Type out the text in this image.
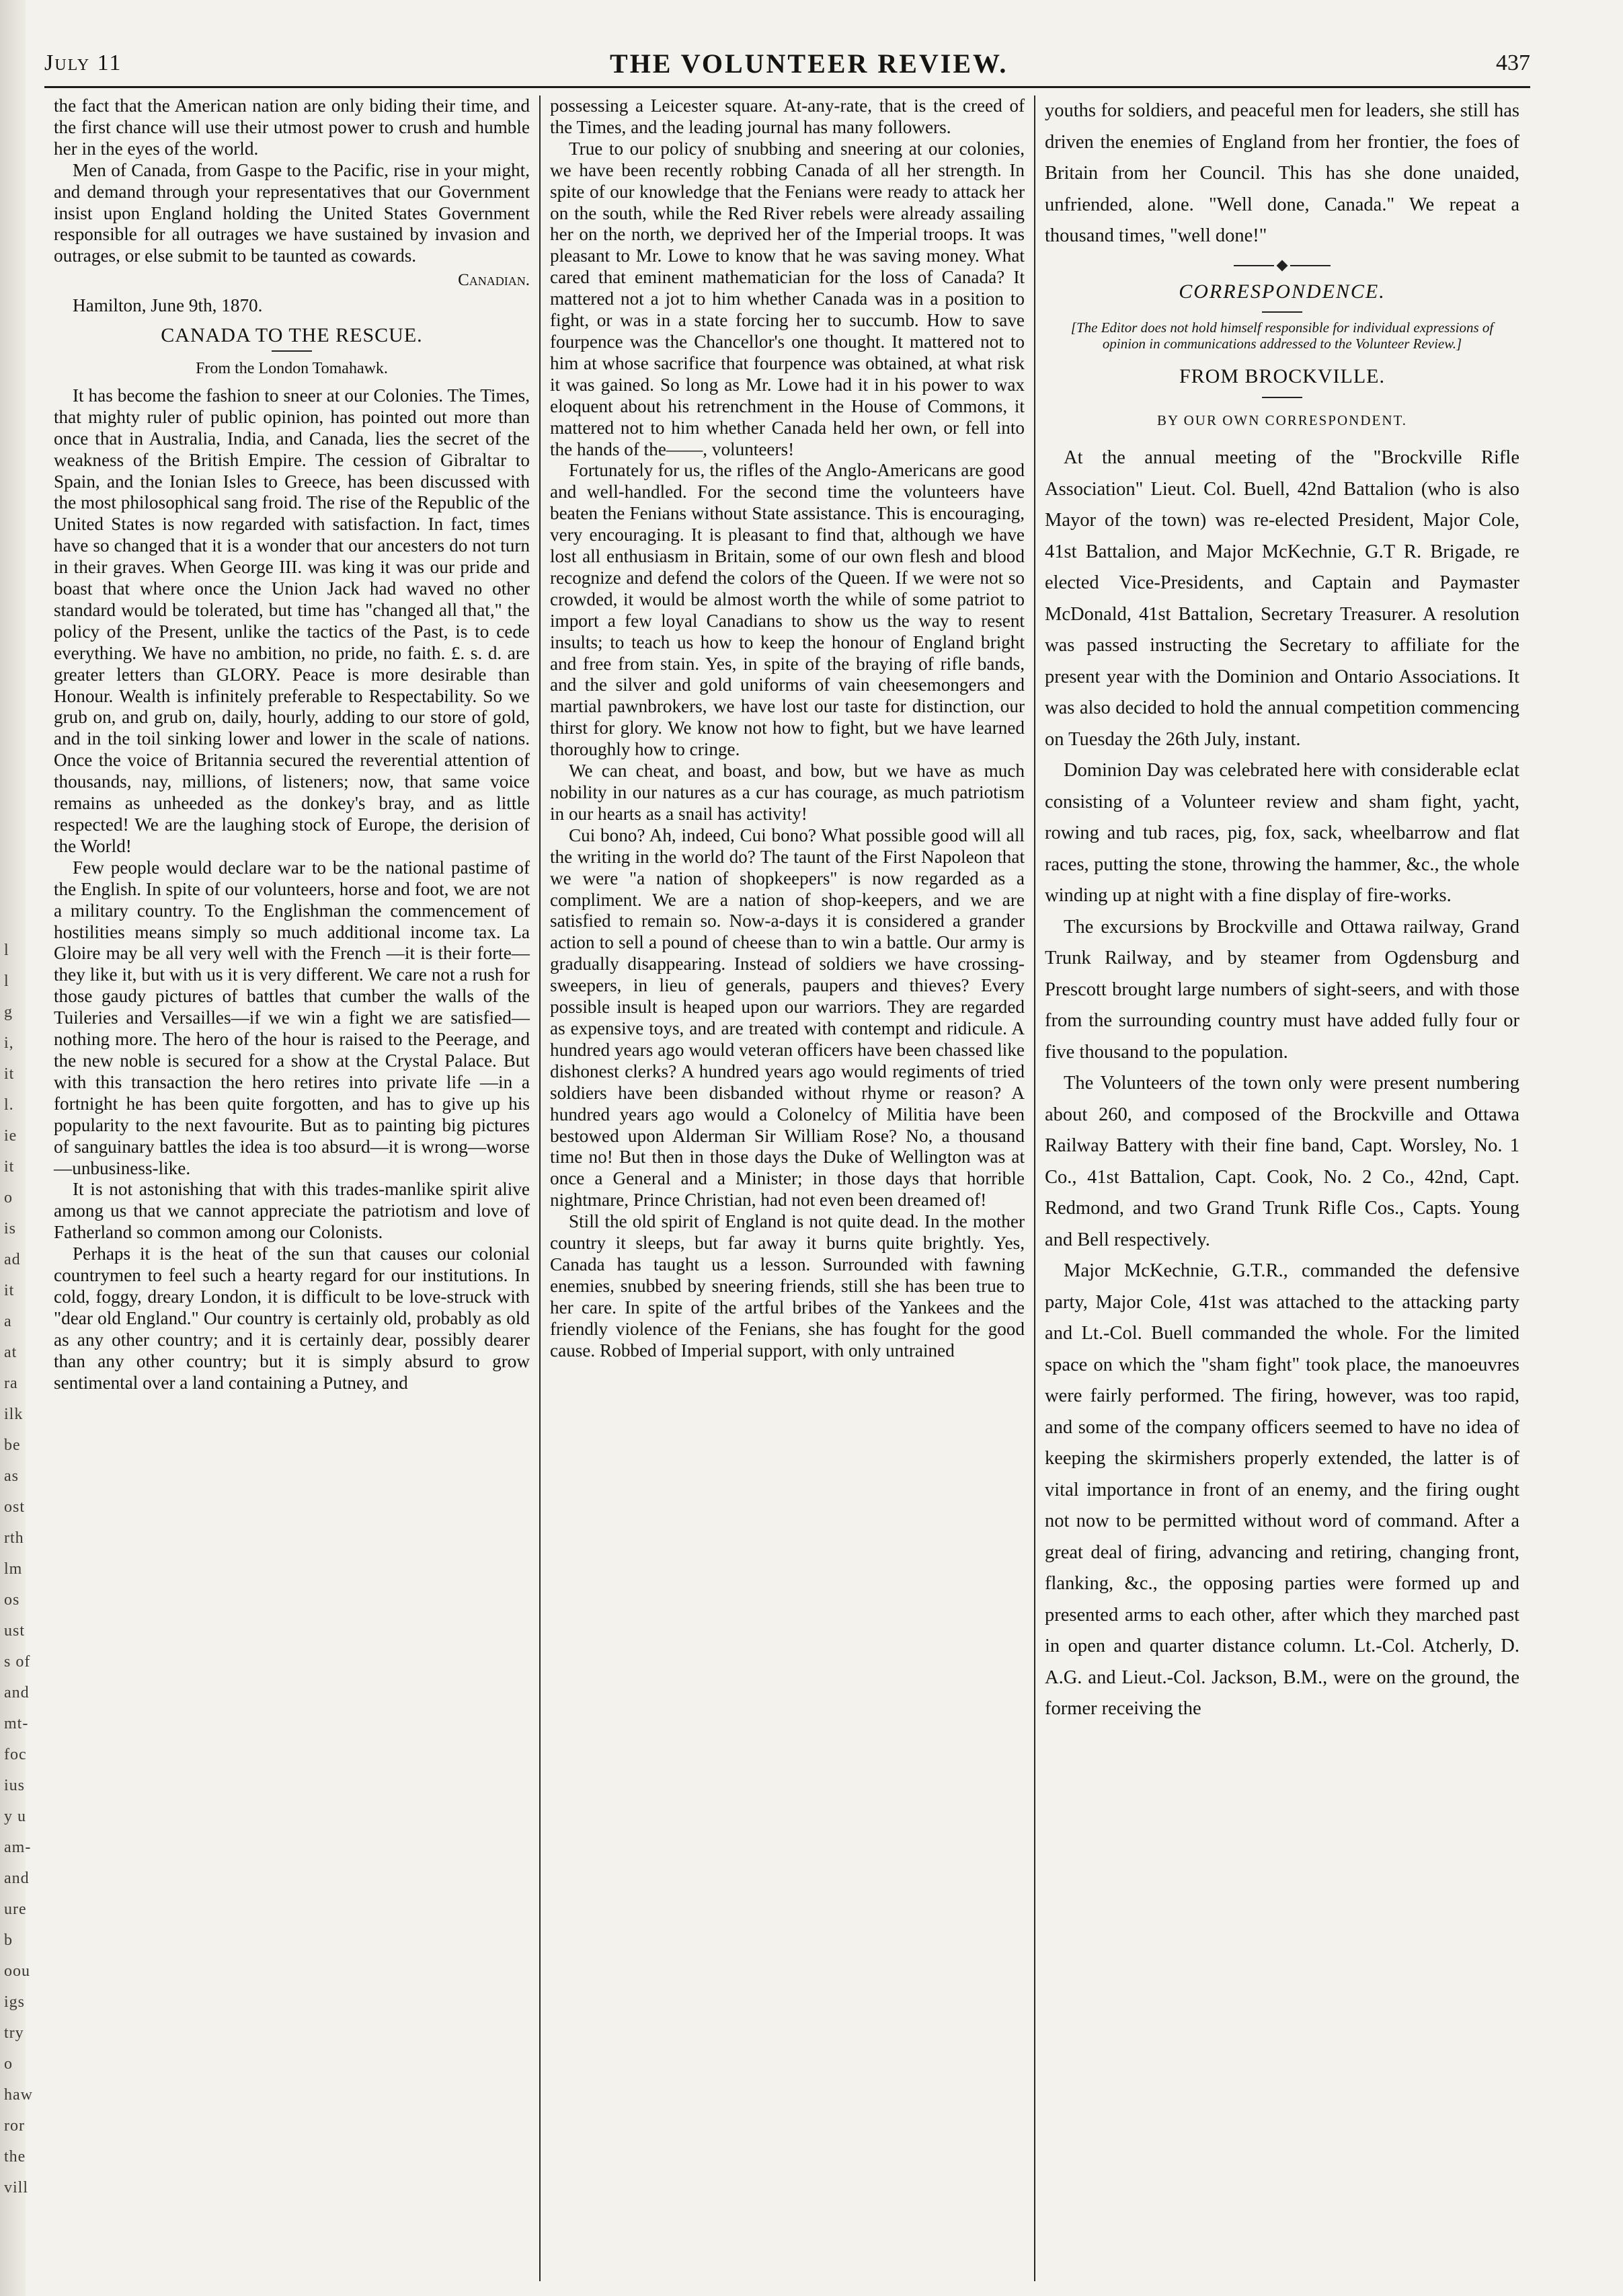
l
l
g
i,
it
l.
ie
it
o
is
ad
it
a
at
ra
ilk
be
as
ost
rth
lm
os
ust
s of
and
mt-
foc
ius
y u
am-
and
ure
b
oou
igs
try
o
haw
ror
the
vill
July 11	THE VOLUNTEER REVIEW.	437

the fact that the American nation are only biding their time, and the first chance will use their utmost power to crush and humble her in the eyes of the world.

Men of Canada, from Gaspe to the Pacific, rise in your might, and demand through your representatives that our Government insist upon England holding the United States Government responsible for all outrages we have sustained by invasion and outrages, or else submit to be taunted as cowards.

Canadian.
Hamilton, June 9th, 1870.
CANADA TO THE RESCUE.
From the London Tomahawk.

It has become the fashion to sneer at our Colonies. The Times, that mighty ruler of public opinion, has pointed out more than once that in Australia, India, and Canada, lies the secret of the weakness of the British Empire. The cession of Gibraltar to Spain, and the Ionian Isles to Greece, has been discussed with the most philosophical sang froid. The rise of the Republic of the United States is now regarded with satisfaction. In fact, times have so changed that it is a wonder that our ancesters do not turn in their graves. When George III. was king it was our pride and boast that where once the Union Jack had waved no other standard would be tolerated, but time has "changed all that," the policy of the Present, unlike the tactics of the Past, is to cede everything. We have no ambition, no pride, no faith. £. s. d. are greater letters than GLORY. Peace is more desirable than Honour. Wealth is infinitely preferable to Respectability. So we grub on, and grub on, daily, hourly, adding to our store of gold, and in the toil sinking lower and lower in the scale of nations. Once the voice of Britannia secured the reverential attention of thousands, nay, millions, of listeners; now, that same voice remains as unheeded as the donkey's bray, and as little respected! We are the laughing stock of Europe, the derision of the World!

Few people would declare war to be the national pastime of the English. In spite of our volunteers, horse and foot, we are not a military country. To the Englishman the commencement of hostilities means simply so much additional income tax. La Gloire may be all very well with the French —it is their forte—they like it, but with us it is very different. We care not a rush for those gaudy pictures of battles that cumber the walls of the Tuileries and Versailles—if we win a fight we are satisfied—nothing more. The hero of the hour is raised to the Peerage, and the new noble is secured for a show at the Crystal Palace. But with this transaction the hero retires into private life —in a fortnight he has been quite forgotten, and has to give up his popularity to the next favourite. But as to painting big pictures of sanguinary battles the idea is too absurd—it is wrong—worse—unbusiness-like.

It is not astonishing that with this trades-manlike spirit alive among us that we cannot appreciate the patriotism and love of Fatherland so common among our Colonists.

Perhaps it is the heat of the sun that causes our colonial countrymen to feel such a hearty regard for our institutions. In cold, foggy, dreary London, it is difficult to be love-struck with "dear old England." Our country is certainly old, probably as old as any other country; and it is certainly dear, possibly dearer than any other country; but it is simply absurd to grow sentimental over a land containing a Putney, and

possessing a Leicester square. At-any-rate, that is the creed of the Times, and the leading journal has many followers.

True to our policy of snubbing and sneering at our colonies, we have been recently robbing Canada of all her strength. In spite of our knowledge that the Fenians were ready to attack her on the south, while the Red River rebels were already assailing her on the north, we deprived her of the Imperial troops. It was pleasant to Mr. Lowe to know that he was saving money. What cared that eminent mathematician for the loss of Canada? It mattered not a jot to him whether Canada was in a position to fight, or was in a state forcing her to succumb. How to save fourpence was the Chancellor's one thought. It mattered not to him at whose sacrifice that fourpence was obtained, at what risk it was gained. So long as Mr. Lowe had it in his power to wax eloquent about his retrenchment in the House of Commons, it mattered not to him whether Canada held her own, or fell into the hands of the——, volunteers!

Fortunately for us, the rifles of the Anglo-Americans are good and well-handled. For the second time the volunteers have beaten the Fenians without State assistance. This is encouraging, very encouraging. It is pleasant to find that, although we have lost all enthusiasm in Britain, some of our own flesh and blood recognize and defend the colors of the Queen. If we were not so crowded, it would be almost worth the while of some patriot to import a few loyal Canadians to show us the way to resent insults; to teach us how to keep the honour of England bright and free from stain. Yes, in spite of the braying of rifle bands, and the silver and gold uniforms of vain cheesemongers and martial pawnbrokers, we have lost our taste for distinction, our thirst for glory. We know not how to fight, but we have learned thoroughly how to cringe.

We can cheat, and boast, and bow, but we have as much nobility in our natures as a cur has courage, as much patriotism in our hearts as a snail has activity!

Cui bono? Ah, indeed, Cui bono? What possible good will all the writing in the world do? The taunt of the First Napoleon that we were "a nation of shopkeepers" is now regarded as a compliment. We are a nation of shop-keepers, and we are satisfied to remain so. Now-a-days it is considered a grander action to sell a pound of cheese than to win a battle. Our army is gradually disappearing. Instead of soldiers we have crossing-sweepers, in lieu of generals, paupers and thieves? Every possible insult is heaped upon our warriors. They are regarded as expensive toys, and are treated with contempt and ridicule. A hundred years ago would veteran officers have been chassed like dishonest clerks? A hundred years ago would regiments of tried soldiers have been disbanded without rhyme or reason? A hundred years ago would a Colonelcy of Militia have been bestowed upon Alderman Sir William Rose? No, a thousand time no! But then in those days the Duke of Wellington was at once a General and a Minister; in those days that horrible nightmare, Prince Christian, had not even been dreamed of!

Still the old spirit of England is not quite dead. In the mother country it sleeps, but far away it burns quite brightly. Yes, Canada has taught us a lesson. Surrounded with fawning enemies, snubbed by sneering friends, still she has been true to her care. In spite of the artful bribes of the Yankees and the friendly violence of the Fenians, she has fought for the good cause. Robbed of Imperial support, with only untrained

youths for soldiers, and peaceful men for leaders, she still has driven the enemies of England from her frontier, the foes of Britain from her Council. This has she done unaided, unfriended, alone. "Well done, Canada." We repeat a thousand times, "well done!"

CORRESPONDENCE.
[The Editor does not hold himself responsible for individual expressions of opinion in communications addressed to the Volunteer Review.]
FROM BROCKVILLE.
BY OUR OWN CORRESPONDENT.

At the annual meeting of the "Brockville Rifle Association" Lieut. Col. Buell, 42nd Battalion (who is also Mayor of the town) was re-elected President, Major Cole, 41st Battalion, and Major McKechnie, G.T R. Brigade, re elected Vice-Presidents, and Captain and Paymaster McDonald, 41st Battalion, Secretary Treasurer. A resolution was passed instructing the Secretary to affiliate for the present year with the Dominion and Ontario Associations. It was also decided to hold the annual competition commencing on Tuesday the 26th July, instant.

Dominion Day was celebrated here with considerable eclat consisting of a Volunteer review and sham fight, yacht, rowing and tub races, pig, fox, sack, wheelbarrow and flat races, putting the stone, throwing the hammer, &c., the whole winding up at night with a fine display of fire-works.

The excursions by Brockville and Ottawa railway, Grand Trunk Railway, and by steamer from Ogdensburg and Prescott brought large numbers of sight-seers, and with those from the surrounding country must have added fully four or five thousand to the population.

The Volunteers of the town only were present numbering about 260, and composed of the Brockville and Ottawa Railway Battery with their fine band, Capt. Worsley, No. 1 Co., 41st Battalion, Capt. Cook, No. 2 Co., 42nd, Capt. Redmond, and two Grand Trunk Rifle Cos., Capts. Young and Bell respectively.

Major McKechnie, G.T.R., commanded the defensive party, Major Cole, 41st was attached to the attacking party and Lt.-Col. Buell commanded the whole. For the limited space on which the "sham fight" took place, the manoeuvres were fairly performed. The firing, however, was too rapid, and some of the company officers seemed to have no idea of keeping the skirmishers properly extended, the latter is of vital importance in front of an enemy, and the firing ought not now to be permitted without word of command. After a great deal of firing, advancing and retiring, changing front, flanking, &c., the opposing parties were formed up and presented arms to each other, after which they marched past in open and quarter distance column. Lt.-Col. Atcherly, D. A.G. and Lieut.-Col. Jackson, B.M., were on the ground, the former receiving the
